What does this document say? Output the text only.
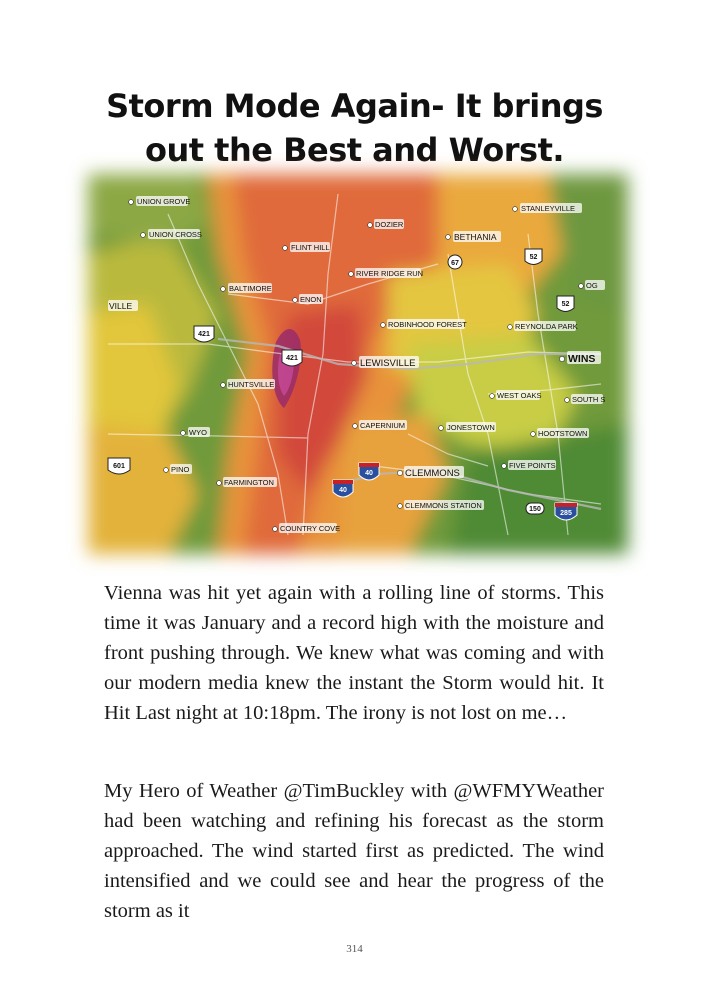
Storm Mode Again- It brings
out the Best and Worst.
UNION GROVE
UNION CROSS
FLINT HILL
DOZIER
BETHANIA
STANLEYVILLE
BALTIMORE
RIVER RIDGE RUN
ENON
ROBINHOOD FOREST	REYNOLDA PARK
VILLE
HUNTSVILLE
LEWISVILLE	WINS
WEST OAKS	SOUTH S
WYO
CAPERNIUM	JONESTOWN
HOOTSTOWN
PINO	CLEMMONS
FIVE POINTS
FARMINGTON
CLEMMONS STATION
COUNTRY COVE
OG
421
421
52
52
67
601
40
40
150
285
Vienna was hit yet again with a rolling line of storms. This time it was January and a record high with the moisture and front pushing through. We knew what was coming and with our modern media knew the instant the Storm would hit. It Hit Last night at 10:18pm. The irony is not lost on me…
My Hero of Weather @TimBuckley with @WFMYWeather had been watching and refining his forecast as the storm approached. The wind started first as predicted. The wind intensified and we could see and hear the progress of the storm as it
314
